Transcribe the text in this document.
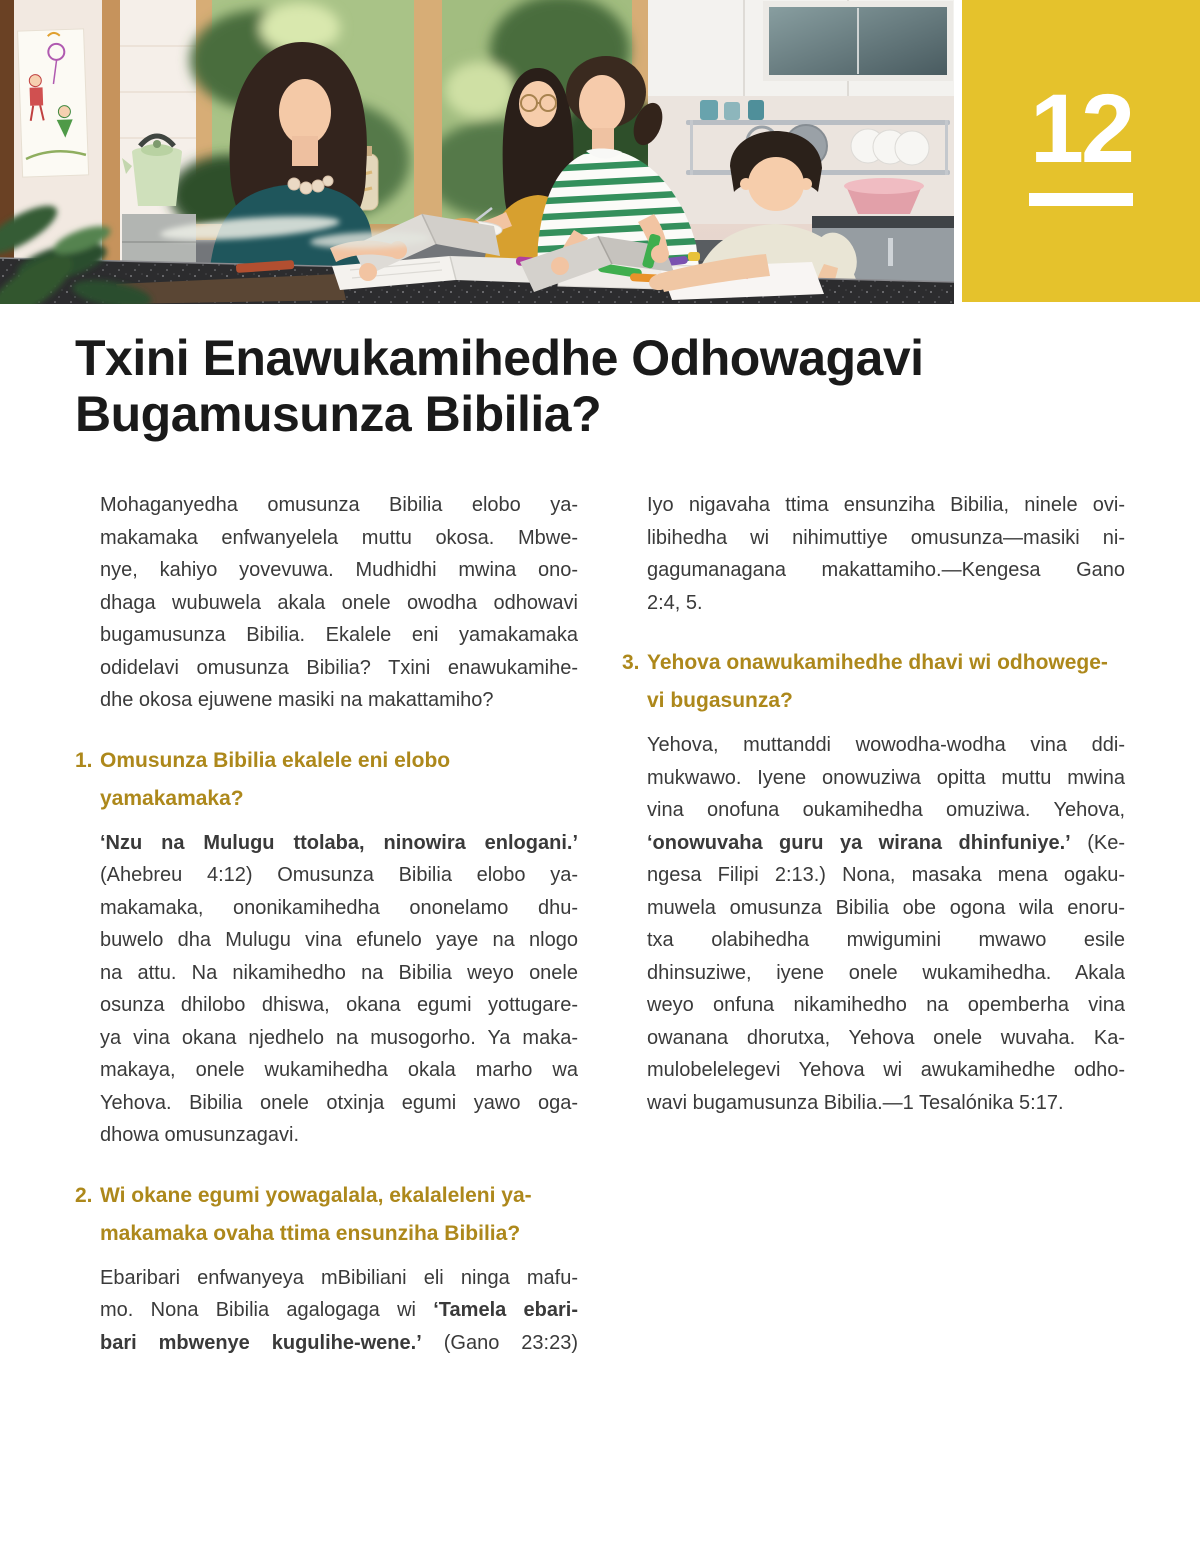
12
Txini Enawukamihedhe Odhowagavi
Bugamusunza Bibilia?
Mohaganyedha omusunza Bibilia elobo ya-
makamaka enfwanyelela muttu okosa. Mbwe-
nye, kahiyo yovevuwa. Mudhidhi mwina ono-
dhaga wubuwela akala onele owodha odhowavi
bugamusunza Bibilia. Ekalele eni yamakamaka
odidelavi omusunza Bibilia? Txini enawukamihe-
dhe okosa ejuwene masiki na makattamiho?
1. Omusunza Bibilia ekalele eni elobo
yamakamaka?
‘Nzu na Mulugu ttolaba, ninowira enlogani.’
(Ahebreu 4:12) Omusunza Bibilia elobo ya-
makamaka, ononikamihedha ononelamo dhu-
buwelo dha Mulugu vina efunelo yaye na nlogo
na attu. Na nikamihedho na Bibilia weyo onele
osunza dhilobo dhiswa, okana egumi yottugare-
ya vina okana njedhelo na musogorho. Ya maka-
makaya, onele wukamihedha okala marho wa
Yehova. Bibilia onele otxinja egumi yawo oga-
dhowa omusunzagavi.
2. Wi okane egumi yowagalala, ekalaleleni ya-
makamaka ovaha ttima ensunziha Bibilia?
Ebaribari enfwanyeya mBibiliani eli ninga mafu-
mo. Nona Bibilia agalogaga wi ‘Tamela ebari-
bari mbwenye kugulihe-wene.’ (Gano 23:23)
Iyo nigavaha ttima ensunziha Bibilia, ninele ovi-
libihedha wi nihimuttiye omusunza—masiki ni-
gagumanagana makattamiho.—Kengesa Gano
2:4, 5.
3. Yehova onawukamihedhe dhavi wi odhowege-
vi bugasunza?
Yehova, muttanddi wowodha-wodha vina ddi-
mukwawo. Iyene onowuziwa opitta muttu mwina
vina onofuna oukamihedha omuziwa. Yehova,
‘onowuvaha guru ya wirana dhinfuniye.’ (Ke-
ngesa Filipi 2:13.) Nona, masaka mena ogaku-
muwela omusunza Bibilia obe ogona wila enoru-
txa olabihedha mwigumini mwawo esile
dhinsuziwe, iyene onele wukamihedha. Akala
weyo onfuna nikamihedho na opemberha vina
owanana dhorutxa, Yehova onele wuvaha. Ka-
mulobelelegevi Yehova wi awukamihedhe odho-
wavi bugamusunza Bibilia.—1 Tesalónika 5:17.
